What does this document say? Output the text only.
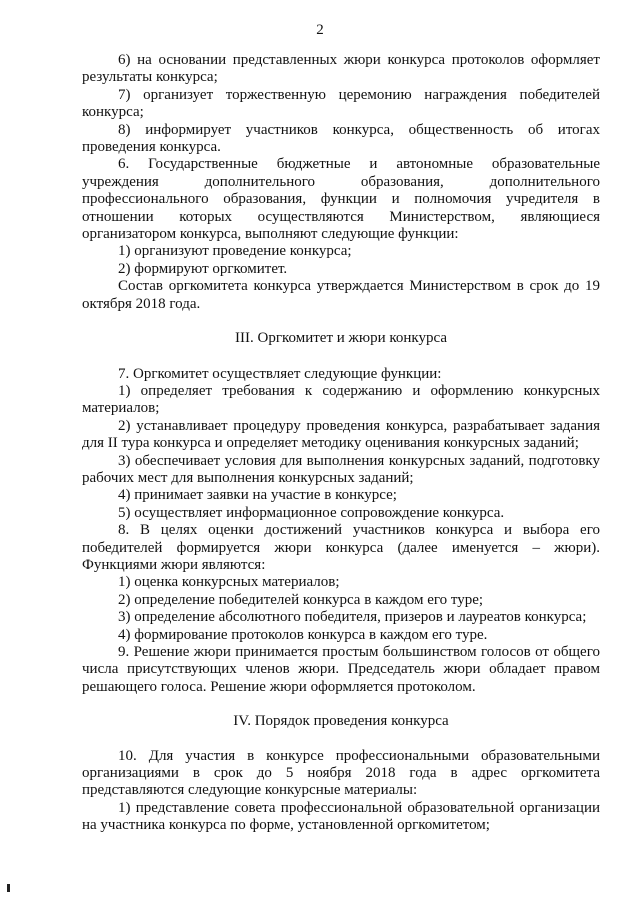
2

6) на основании представленных жюри конкурса протоколов оформляет результаты конкурса;

7) организует торжественную церемонию награждения победителей конкурса;

8) информирует участников конкурса, общественность об итогах проведения конкурса.

6. Государственные бюджетные и автономные образовательные учреждения дополнительного образования, дополнительного профессионального образования, функции и полномочия учредителя в отношении которых осуществляются Министерством, являющиеся организатором конкурса, выполняют следующие функции:

1) организуют проведение конкурса;

2) формируют оргкомитет.

Состав оргкомитета конкурса утверждается Министерством в срок до 19 октября 2018 года.

III. Оргкомитет и жюри конкурса

7. Оргкомитет осуществляет следующие функции:

1) определяет требования к содержанию и оформлению конкурсных материалов;

2) устанавливает процедуру проведения конкурса, разрабатывает задания для II тура конкурса и определяет методику оценивания конкурсных заданий;

3) обеспечивает условия для выполнения конкурсных заданий, подготовку рабочих мест для выполнения конкурсных заданий;

4) принимает заявки на участие в конкурсе;

5) осуществляет информационное сопровождение конкурса.

8. В целях оценки достижений участников конкурса и выбора его победителей формируется жюри конкурса (далее именуется – жюри). Функциями жюри являются:

1) оценка конкурсных материалов;

2) определение победителей конкурса в каждом его туре;

3) определение абсолютного победителя, призеров и лауреатов конкурса;

4) формирование протоколов конкурса в каждом его туре.

9. Решение жюри принимается простым большинством голосов от общего числа присутствующих членов жюри. Председатель жюри обладает правом решающего голоса. Решение жюри оформляется протоколом.

IV. Порядок проведения конкурса

10. Для участия в конкурсе профессиональными образовательными организациями в срок до 5 ноября 2018 года в адрес оргкомитета представляются следующие конкурсные материалы:

1) представление совета профессиональной образовательной организации на участника конкурса по форме, установленной оргкомитетом;
